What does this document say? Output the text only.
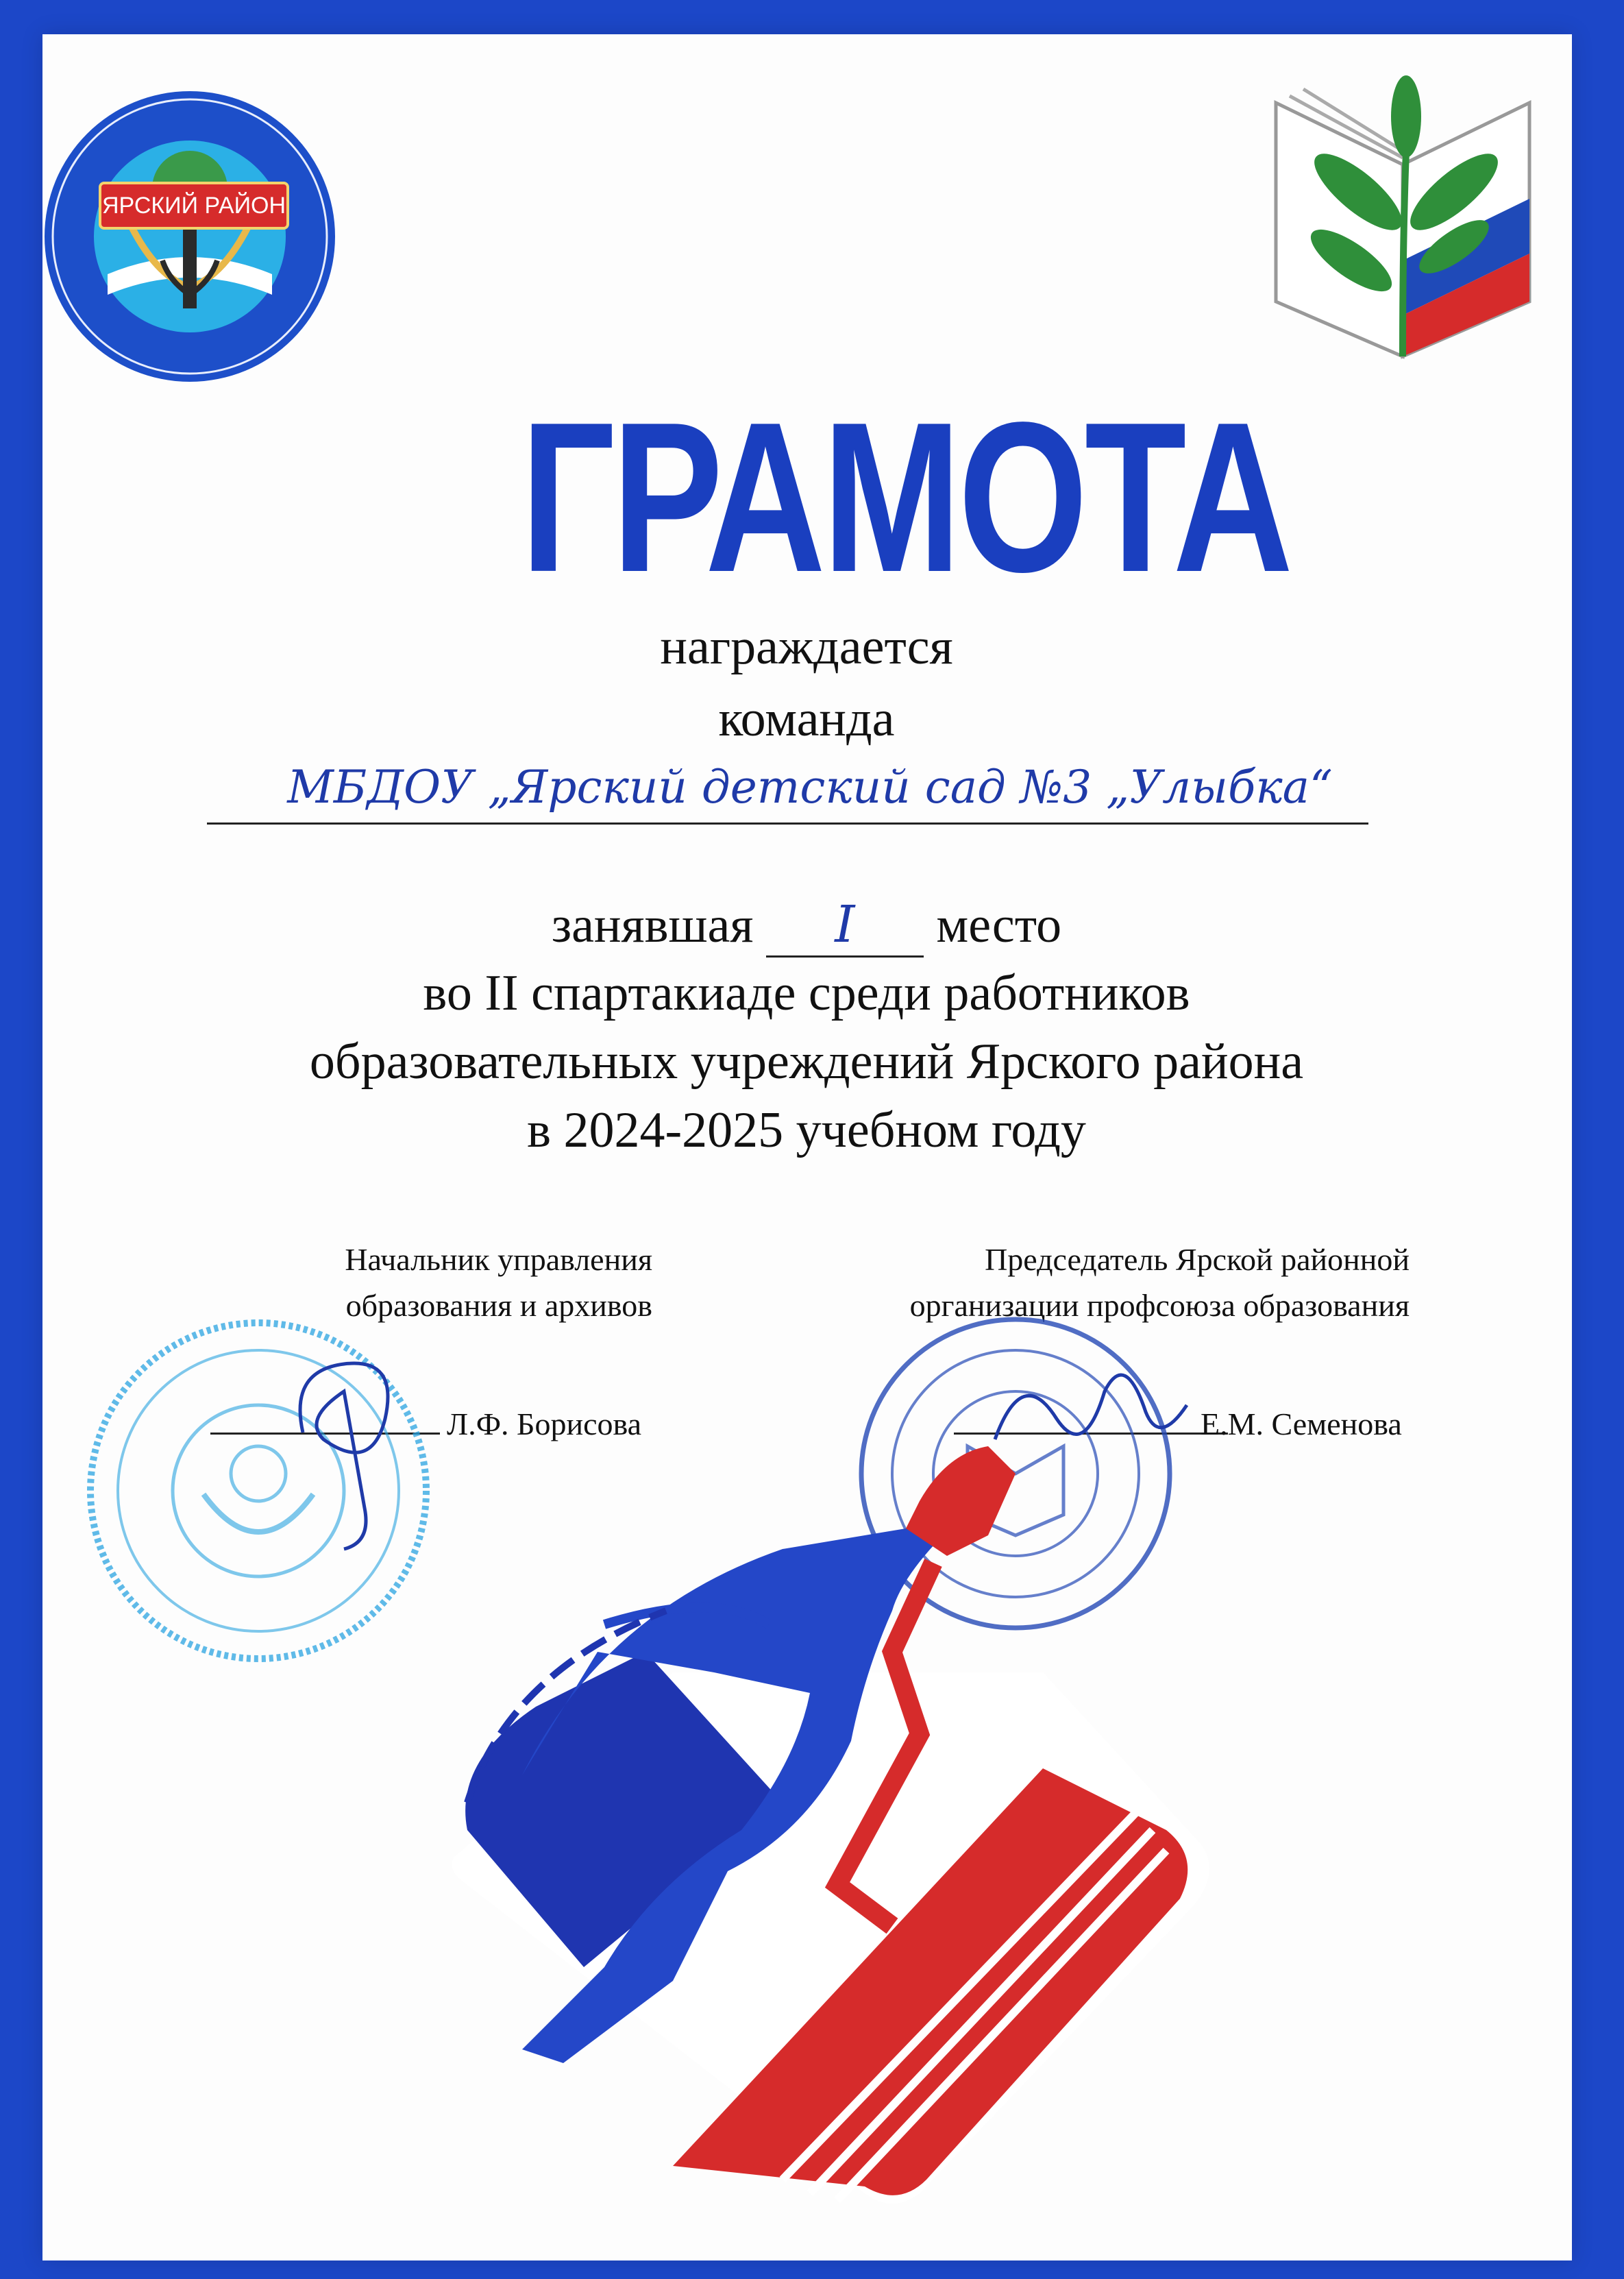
ЯРСКИЙ РАЙОН
ГРАМОТА
награждается
команда
МБДОУ „Ярский детский сад №3 „Улыбка“
занявшая I место
во II спартакиаде среди работников
образовательных учреждений Ярского района
в 2024-2025 учебном году
Начальник управления
образования и архивов
Л.Ф. Борисова
Председатель Ярской районной
организации профсоюза образования
Е.М. Семенова
